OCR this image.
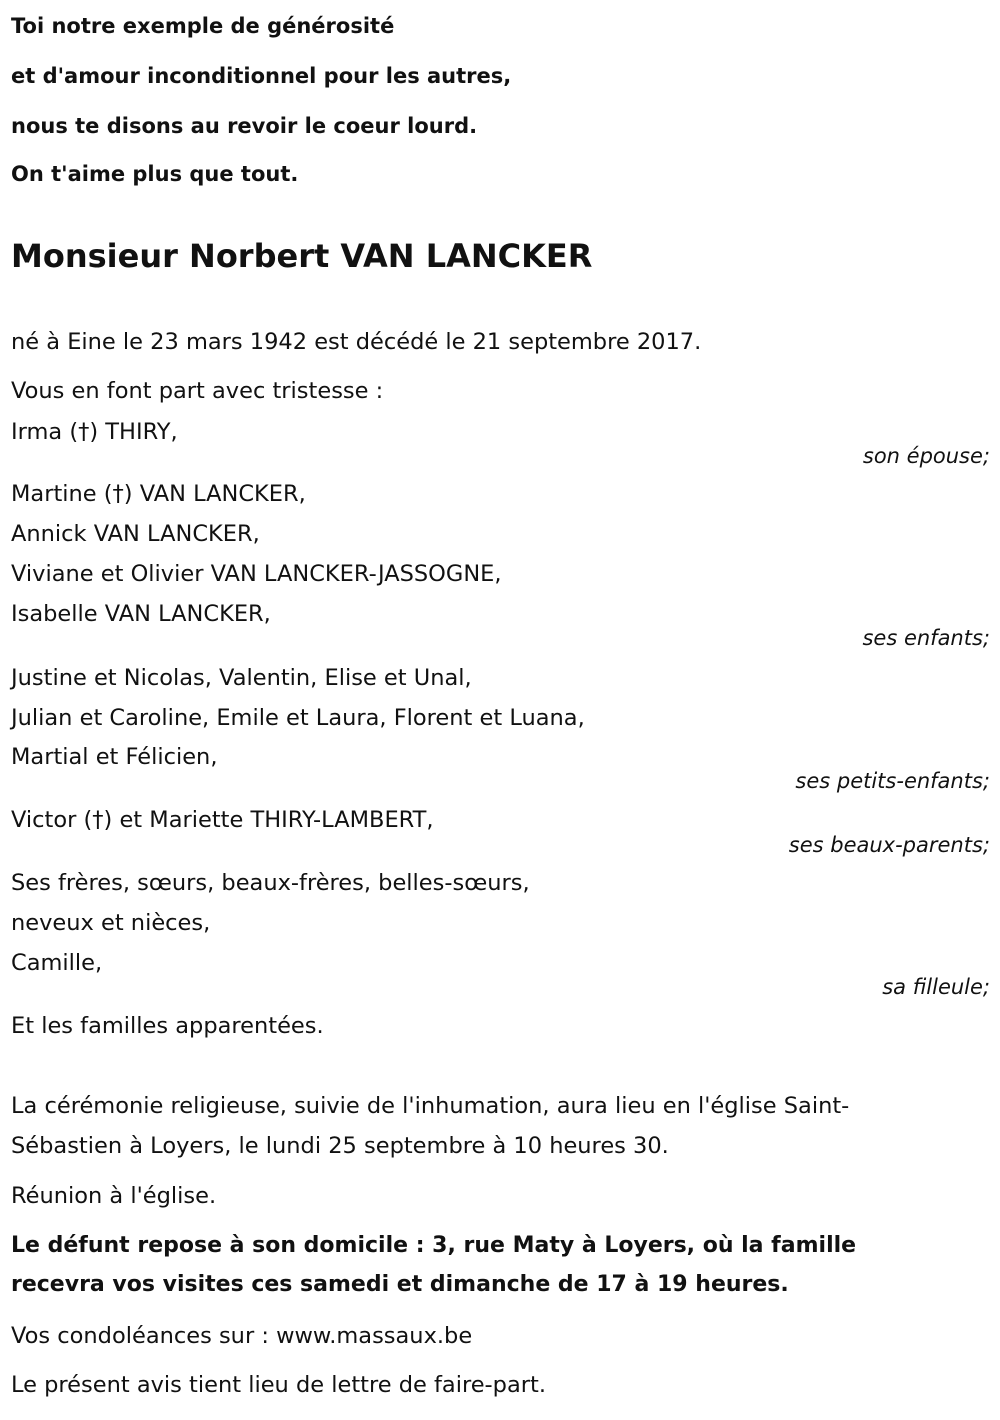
Toi notre exemple de générosité
et d'amour inconditionnel pour les autres,
nous te disons au revoir le coeur lourd.
On t'aime plus que tout.
Monsieur Norbert VAN LANCKER
né à Eine le 23 mars 1942 est décédé le 21 septembre 2017.
Vous en font part avec tristesse :
Irma (†) THIRY,
son épouse;
Martine (†) VAN LANCKER,
Annick VAN LANCKER,
Viviane et Olivier VAN LANCKER-JASSOGNE,
Isabelle VAN LANCKER,
ses enfants;
Justine et Nicolas, Valentin, Elise et Unal,
Julian et Caroline, Emile et Laura, Florent et Luana,
Martial et Félicien,
ses petits-enfants;
Victor (†) et Mariette THIRY-LAMBERT,
ses beaux-parents;
Ses frères, sœurs, beaux-frères, belles-sœurs,
neveux et nièces,
Camille,
sa filleule;
Et les familles apparentées.
La cérémonie religieuse, suivie de l'inhumation, aura lieu en l'église Saint-
Sébastien à Loyers, le lundi 25 septembre à 10 heures 30.
Réunion à l'église.
Le défunt repose à son domicile : 3, rue Maty à Loyers, où la famille
recevra vos visites ces samedi et dimanche de 17 à 19 heures.
Vos condoléances sur : www.massaux.be
Le présent avis tient lieu de lettre de faire-part.
